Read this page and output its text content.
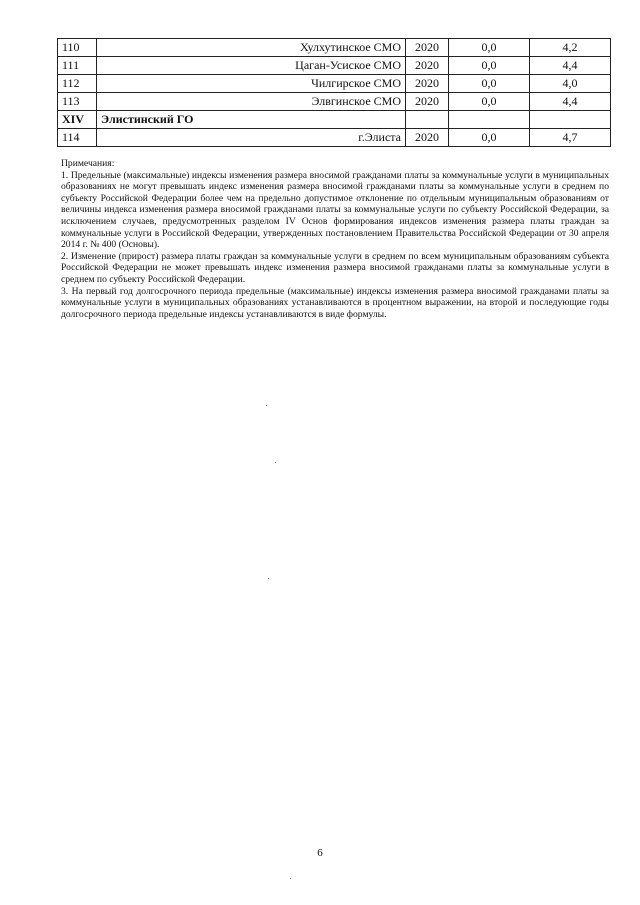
110	Хулхутинское СМО	2020	0,0	4,2
111	Цаган-Усиское СМО	2020	0,0	4,4
112	Чилгирское СМО	2020	0,0	4,0
113	Элвгинское СМО	2020	0,0	4,4
XIV	Элистинский ГО			
114	г.Элиста	2020	0,0	4,7

Примечания:

1. Предельные (максимальные) индексы изменения размера вносимой гражданами платы за коммунальные услуги в муниципальных образованиях не могут превышать индекс изменения размера вносимой гражданами платы за коммунальные услуги в среднем по субъекту Российской Федерации более чем на предельно допустимое отклонение по отдельным муниципальным образованиям от величины индекса изменения размера вносимой гражданами платы за коммунальные услуги по субъекту Российской Федерации, за исключением случаев, предусмотренных разделом IV Основ формирования индексов изменения размера платы граждан за коммунальные услуги в Российской Федерации, утвержденных постановлением Правительства Российской Федерации от 30 апреля 2014 г. № 400 (Основы).

2. Изменение (прирост) размера платы граждан за коммунальные услуги в среднем по всем муниципальным образованиям субъекта Российской Федерации не может превышать индекс изменения размера вносимой гражданами платы за коммунальные услуги в среднем по субъекту Российской Федерации.

3. На первый год долгосрочного периода предельные (максимальные) индексы изменения размера вносимой гражданами платы за коммунальные услуги в муниципальных образованиях устанавливаются в процентном выражении, на второй и последующие годы долгосрочного периода предельные индексы устанавливаются в виде формулы.

6
